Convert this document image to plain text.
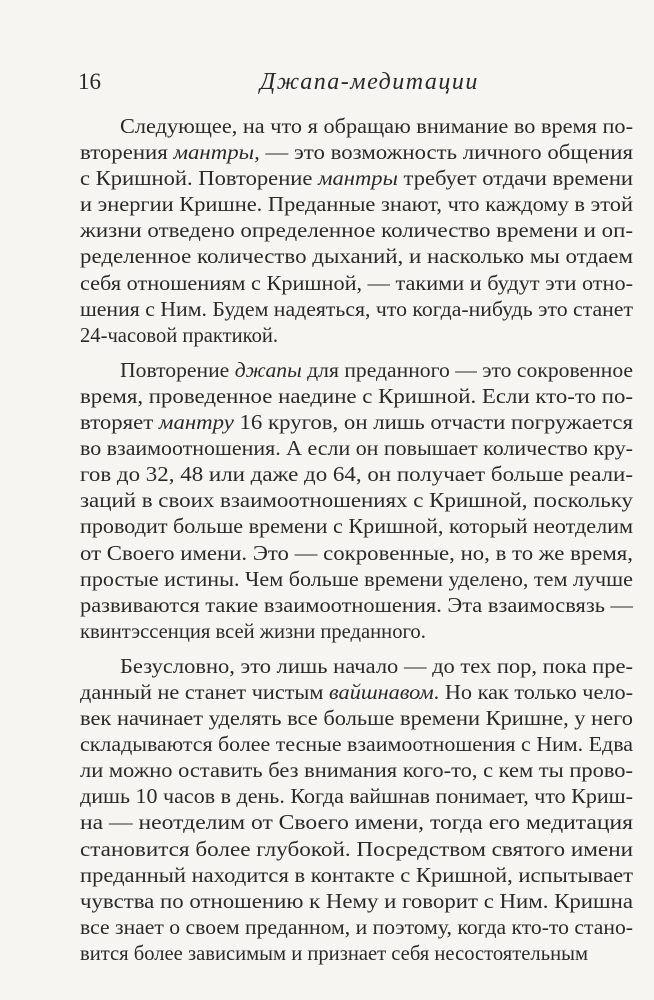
16	Джапа-медитации
Следующее, на что я обращаю внимание во время по-
вторения мантры, — это возможность личного общения
с Кришной. Повторение мантры требует отдачи времени
и энергии Кришне. Преданные знают, что каждому в этой
жизни отведено определенное количество времени и оп-
ределенное количество дыханий, и насколько мы отдаем
себя отношениям с Кришной, — такими и будут эти отно-
шения с Ним. Будем надеяться, что когда-нибудь это станет
24-часовой практикой.
Повторение джапы для преданного — это сокровенное
время, проведенное наедине с Кришной. Если кто-то по-
вторяет мантру 16 кругов, он лишь отчасти погружается
во взаимоотношения. А если он повышает количество кру-
гов до 32, 48 или даже до 64, он получает больше реали-
заций в своих взаимоотношениях с Кришной, поскольку
проводит больше времени с Кришной, который неотделим
от Своего имени. Это — сокровенные, но, в то же время,
простые истины. Чем больше времени уделено, тем лучше
развиваются такие взаимоотношения. Эта взаимосвязь —
квинтэссенция всей жизни преданного.
Безусловно, это лишь начало — до тех пор, пока пре-
данный не станет чистым вайшнавом. Но как только чело-
век начинает уделять все больше времени Кришне, у него
складываются более тесные взаимоотношения с Ним. Едва
ли можно оставить без внимания кого-то, с кем ты прово-
дишь 10 часов в день. Когда вайшнав понимает, что Криш-
на — неотделим от Своего имени, тогда его медитация
становится более глубокой. Посредством святого имени
преданный находится в контакте с Кришной, испытывает
чувства по отношению к Нему и говорит с Ним. Кришна
все знает о своем преданном, и поэтому, когда кто-то стано-
вится более зависимым и признает себя несостоятельным
